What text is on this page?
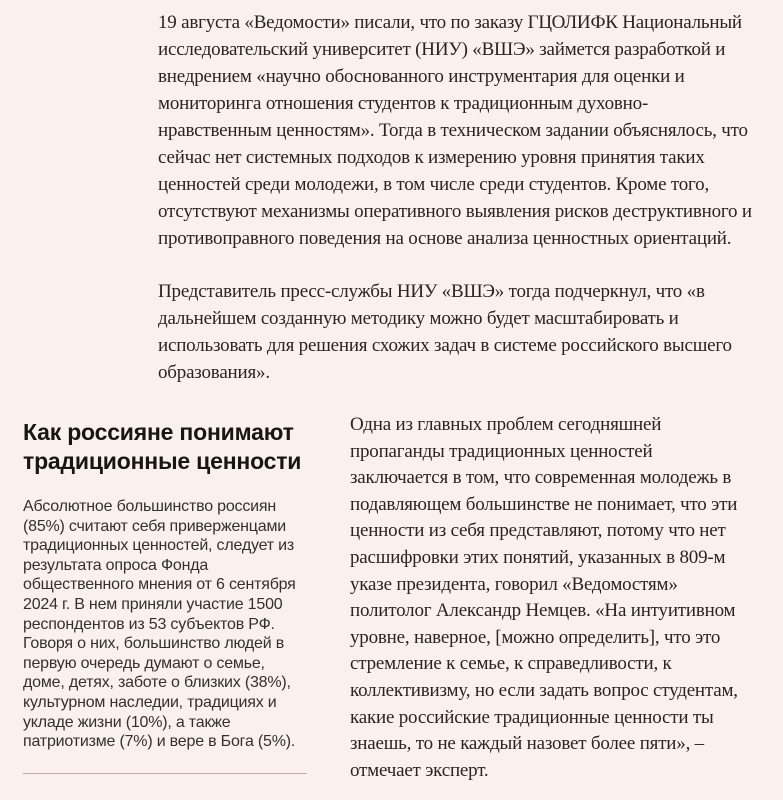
19 августа «Ведомости» писали, что по заказу ГЦОЛИФК Национальный исследовательский университет (НИУ) «ВШЭ» займется разработкой и внедрением «научно обоснованного инструментария для оценки и мониторинга отношения студентов к традиционным духовно-нравственным ценностям». Тогда в техническом задании объяснялось, что сейчас нет системных подходов к измерению уровня принятия таких ценностей среди молодежи, в том числе среди студентов. Кроме того, отсутствуют механизмы оперативного выявления рисков деструктивного и противоправного поведения на основе анализа ценностных ориентаций.

Представитель пресс-службы НИУ «ВШЭ» тогда подчеркнул, что «в дальнейшем созданную методику можно будет масштабировать и использовать для решения схожих задач в системе российского высшего образования».

Как россияне понимают традиционные ценности

Абсолютное большинство россиян (85%) считают себя приверженцами традиционных ценностей, следует из результата опроса Фонда общественного мнения от 6 сентября 2024 г. В нем приняли участие 1500 респондентов из 53 субъектов РФ. Говоря о них, большинство людей в первую очередь думают о семье, доме, детях, заботе о близких (38%), культурном наследии, традициях и укладе жизни (10%), а также патриотизме (7%) и вере в Бога (5%).

Одна из главных проблем сегодняшней пропаганды традиционных ценностей заключается в том, что современная молодежь в подавляющем большинстве не понимает, что эти ценности из себя представляют, потому что нет расшифровки этих понятий, указанных в 809-м указе президента, говорил «Ведомостям» политолог Александр Немцев. «На интуитивном уровне, наверное, [можно определить], что это стремление к семье, к справедливости, к коллективизму, но если задать вопрос студентам, какие российские традиционные ценности ты знаешь, то не каждый назовет более пяти», – отмечает эксперт.
